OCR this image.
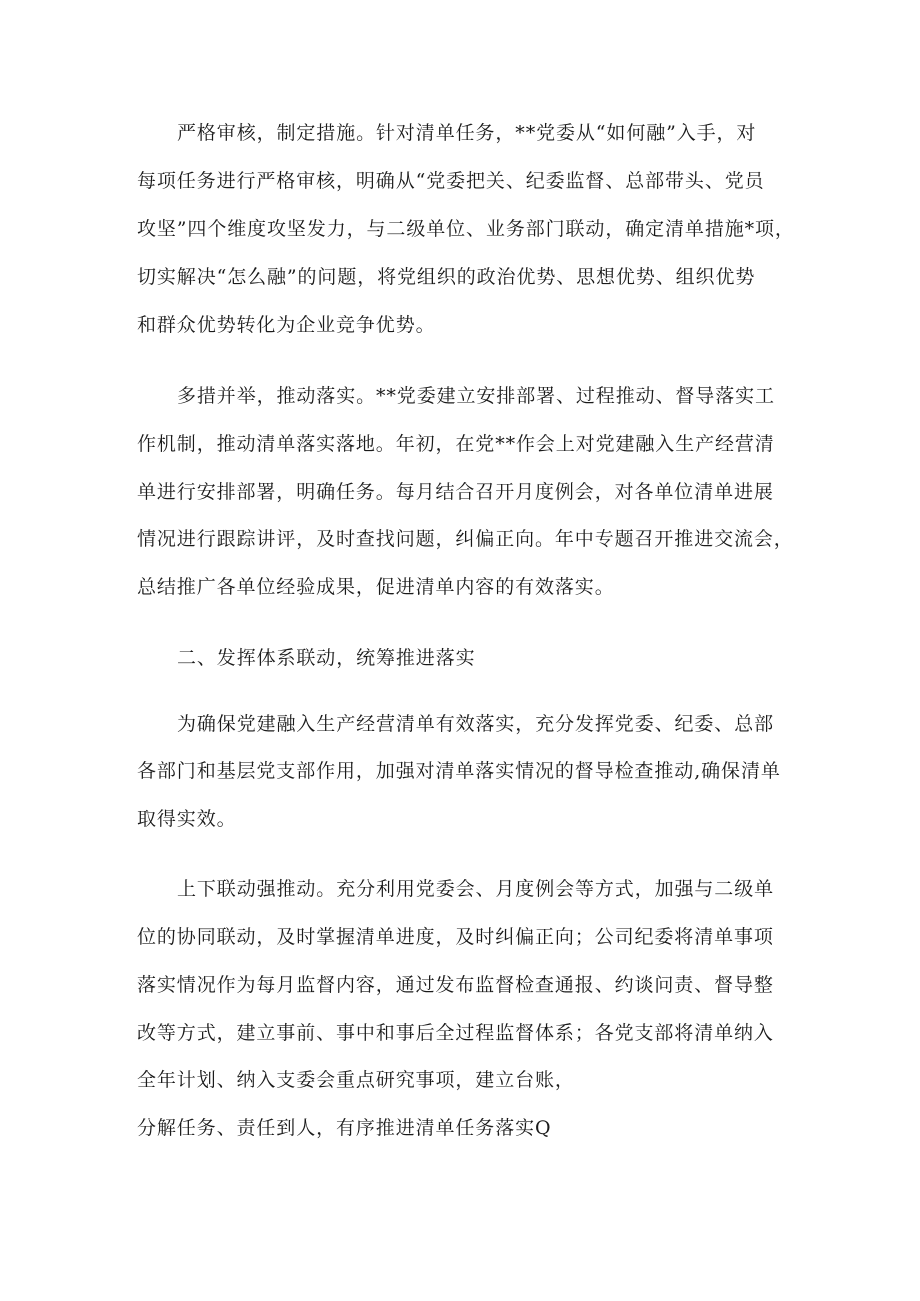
严格审核，制定措施。针对清单任务，**党委从“如何融”入手，对
每项任务进行严格审核，明确从“党委把关、纪委监督、总部带头、党员
攻坚”四个维度攻坚发力，与二级单位、业务部门联动，确定清单措施*项，
切实解决“怎么融”的问题，将党组织的政治优势、思想优势、组织优势
和群众优势转化为企业竞争优势。
多措并举，推动落实。**党委建立安排部署、过程推动、督导落实工
作机制，推动清单落实落地。年初，在党**作会上对党建融入生产经营清
单进行安排部署，明确任务。每月结合召开月度例会，对各单位清单进展
情况进行跟踪讲评，及时查找问题，纠偏正向。年中专题召开推进交流会，
总结推广各单位经验成果，促进清单内容的有效落实。
二、发挥体系联动，统筹推进落实
为确保党建融入生产经营清单有效落实，充分发挥党委、纪委、总部
各部门和基层党支部作用，加强对清单落实情况的督导检查推动,确保清单
取得实效。
上下联动强推动。充分利用党委会、月度例会等方式，加强与二级单
位的协同联动，及时掌握清单进度，及时纠偏正向；公司纪委将清单事项
落实情况作为每月监督内容，通过发布监督检查通报、约谈问责、督导整
改等方式，建立事前、事中和事后全过程监督体系；各党支部将清单纳入
全年计划、纳入支委会重点研究事项，建立台账，
分解任务、责任到人，有序推进清单任务落实Q
